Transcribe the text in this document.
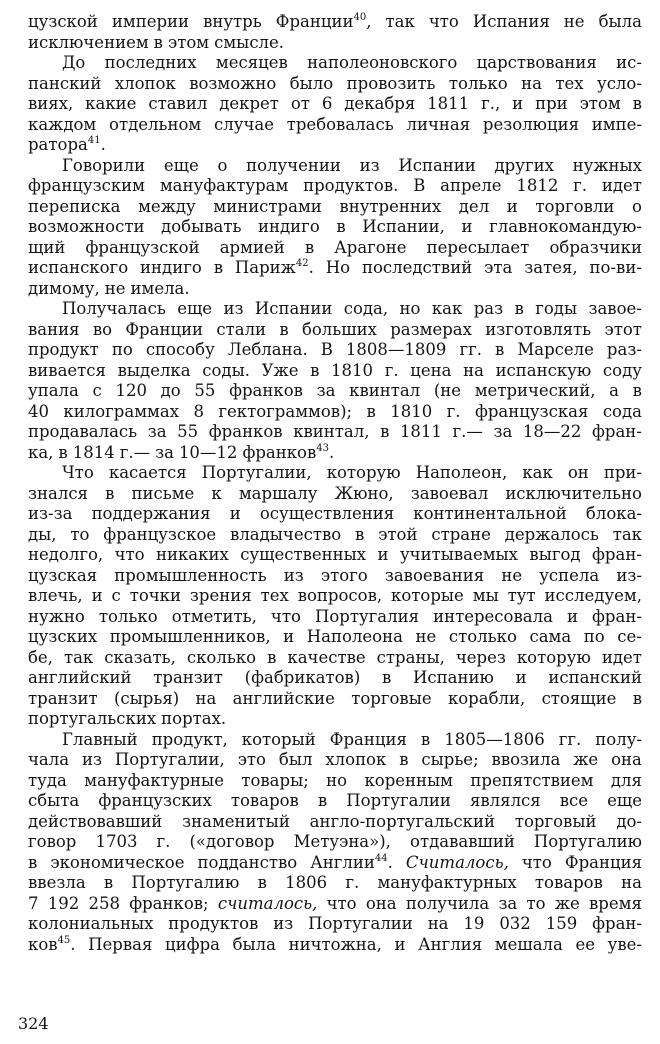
цузской империи внутрь Франции$^{40}$, так что Испания не была
исключением в этом смысле.
До последних месяцев наполеоновского царствования ис-
панский хлопок возможно было провозить только на тех усло-
виях, какие ставил декрет от 6 декабря 1811 г., и при этом в
каждом отдельном случае требовалась личная резолюция импе-
ратора$^{41}$.
Говорили еще о получении из Испании других нужных
французским мануфактурам продуктов. В апреле 1812 г. идет
переписка между министрами внутренних дел и торговли о
возможности добывать индиго в Испании, и главнокомандую-
щий французской армией в Арагоне пересылает образчики
испанского индиго в Париж$^{42}$. Но последствий эта затея, по-ви-
димому, не имела.
Получалась еще из Испании сода, но как раз в годы завое-
вания во Франции стали в больших размерах изготовлять этот
продукт по способу Леблана. В 1808—1809 гг. в Марселе раз-
вивается выделка соды. Уже в 1810 г. цена на испанскую соду
упала с 120 до 55 франков за квинтал (не метрический, а в
40 килограммах 8 гектограммов); в 1810 г. французская сода
продавалась за 55 франков квинтал, в 1811 г.— за 18—22 фран-
ка, в 1814 г.— за 10—12 франков$^{43}$.
Что касается Португалии, которую Наполеон, как он при-
знался в письме к маршалу Жюно, завоевал исключительно
из-за поддержания и осуществления континентальной блока-
ды, то французское владычество в этой стране держалось так
недолго, что никаких существенных и учитываемых выгод фран-
цузская промышленность из этого завоевания не успела из-
влечь, и с точки зрения тех вопросов, которые мы тут исследуем,
нужно только отметить, что Португалия интересовала и фран-
цузских промышленников, и Наполеона не столько сама по се-
бе, так сказать, сколько в качестве страны, через которую идет
английский транзит (фабрикатов) в Испанию и испанский
транзит (сырья) на английские торговые корабли, стоящие в
португальских портах.
Главный продукт, который Франция в 1805—1806 гг. полу-
чала из Португалии, это был хлопок в сырье; ввозила же она
туда мануфактурные товары; но коренным препятствием для
сбыта французских товаров в Португалии являлся все еще
действовавший знаменитый англо-португальский торговый до-
говор 1703 г. («договор Метуэна»), отдававший Португалию
в экономическое подданство Англии$^{44}$. Считалось, что Франция
ввезла в Португалию в 1806 г. мануфактурных товаров на
7 192 258 франков; считалось, что она получила за то же время
колониальных продуктов из Португалии на 19 032 159 фран-
ков$^{45}$. Первая цифра была ничтожна, и Англия мешала ее уве-
324
